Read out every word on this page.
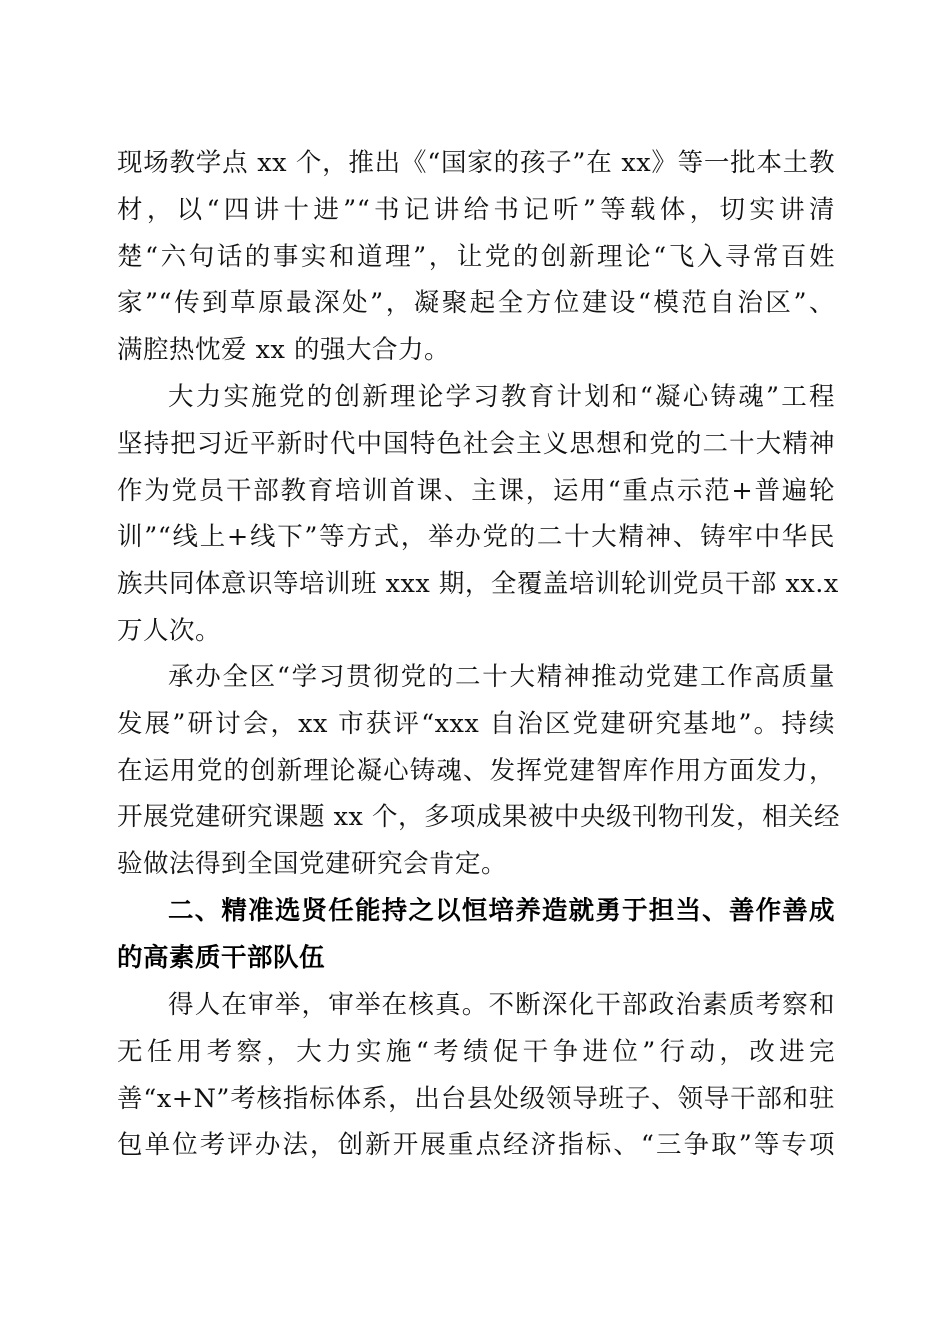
现场教学点 xx 个，推出《“国家的孩子”在 xx》等一批本土教
材，以“四讲十进”“书记讲给书记听”等载体，切实讲清
楚“六句话的事实和道理”，让党的创新理论“飞入寻常百姓
家”“传到草原最深处”，凝聚起全方位建设“模范自治区”、
满腔热忱爱 xx 的强大合力。
大力实施党的创新理论学习教育计划和“凝心铸魂”工程
坚持把习近平新时代中国特色社会主义思想和党的二十大精神
作为党员干部教育培训首课、主课，运用“重点示范+普遍轮
训”“线上+线下”等方式，举办党的二十大精神、铸牢中华民
族共同体意识等培训班 xxx 期，全覆盖培训轮训党员干部 xx.x
万人次。
承办全区“学习贯彻党的二十大精神推动党建工作高质量
发展”研讨会，xx 市获评“xxx 自治区党建研究基地”。持续
在运用党的创新理论凝心铸魂、发挥党建智库作用方面发力，
开展党建研究课题 xx 个，多项成果被中央级刊物刊发，相关经
验做法得到全国党建研究会肯定。
二、精准选贤任能持之以恒培养造就勇于担当、善作善成
的高素质干部队伍
得人在审举，审举在核真。不断深化干部政治素质考察和
无任用考察，大力实施“考绩促干争进位”行动，改进完
善“x+N”考核指标体系，出台县处级领导班子、领导干部和驻
包单位考评办法，创新开展重点经济指标、“三争取”等专项
